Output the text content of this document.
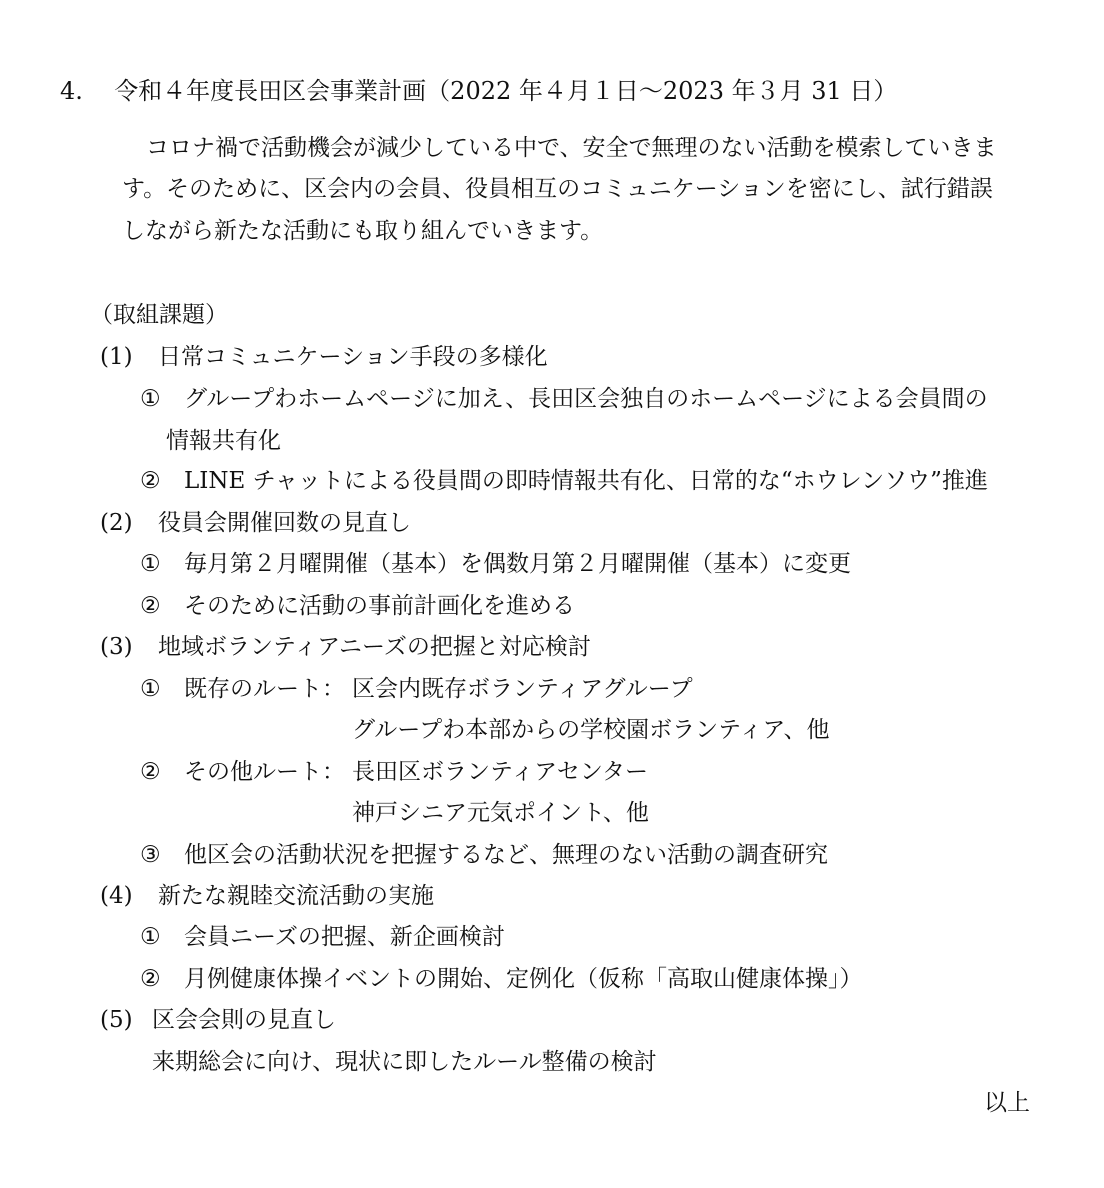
4. 令和４年度長田区会事業計画（2022 年４月１日～2023 年３月 31 日）
コロナ禍で活動機会が減少している中で、安全で無理のない活動を模索していきま
す。そのために、区会内の会員、役員相互のコミュニケーションを密にし、試行錯誤
しながら新たな活動にも取り組んでいきます。
（取組課題）
(1) 日常コミュニケーション手段の多様化
① グループわホームページに加え、長田区会独自のホームページによる会員間の
情報共有化
② LINE チャットによる役員間の即時情報共有化、日常的な“ホウレンソウ”推進
(2) 役員会開催回数の見直し
① 毎月第２月曜開催（基本）を偶数月第２月曜開催（基本）に変更
② そのために活動の事前計画化を進める
(3) 地域ボランティアニーズの把握と対応検討
① 既存のルート： 区会内既存ボランティアグループ
グループわ本部からの学校園ボランティア、他
② その他ルート： 長田区ボランティアセンター
神戸シニア元気ポイント、他
③ 他区会の活動状況を把握するなど、無理のない活動の調査研究
(4) 新たな親睦交流活動の実施
① 会員ニーズの把握、新企画検討
② 月例健康体操イベントの開始、定例化（仮称「高取山健康体操」）
(5) 区会会則の見直し
来期総会に向け、現状に即したルール整備の検討
以上
